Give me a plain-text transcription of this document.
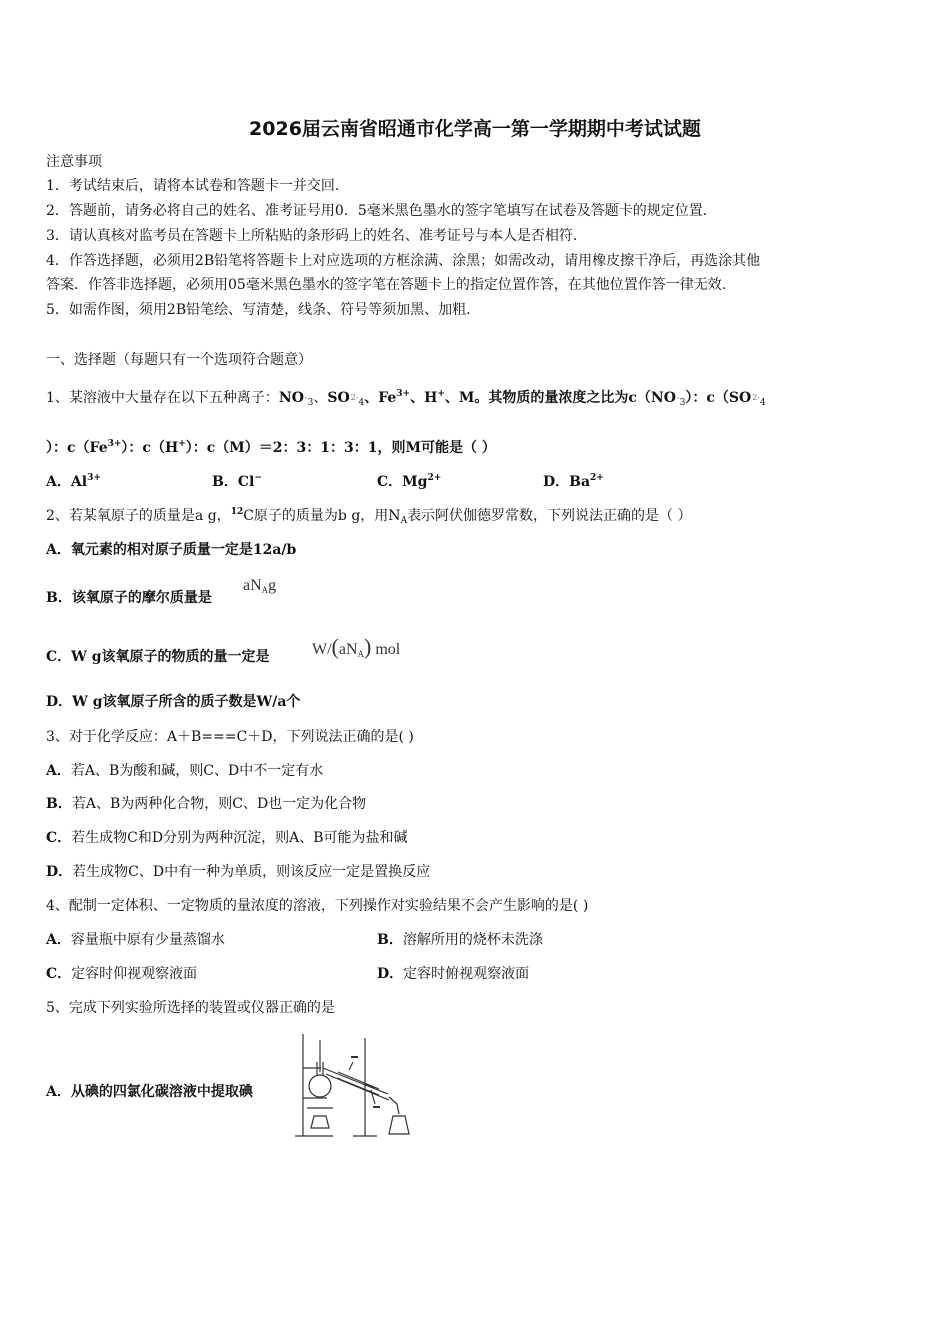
2026届云南省昭通市化学高一第一学期期中考试试题
注意事项
1．考试结束后，请将本试卷和答题卡一并交回.
2．答题前，请务必将自己的姓名、准考证号用0．5毫米黑色墨水的签字笔填写在试卷及答题卡的规定位置.
3．请认真核对监考员在答题卡上所粘贴的条形码上的姓名、准考证号与本人是否相符.
4．作答选择题，必须用2B铅笔将答题卡上对应选项的方框涂满、涂黑；如需改动，请用橡皮擦干净后，再选涂其他
答案．作答非选择题，必须用05毫米黑色墨水的签字笔在答题卡上的指定位置作答，在其他位置作答一律无效.
5．如需作图，须用2B铅笔绘、写清楚，线条、符号等须加黑、加粗.
一、选择题（每题只有一个选项符合题意）
1、某溶液中大量存在以下五种离子：$NO-_3$、$SO2-_4$、$Fe^{3+}$、H+、M。其物质的量浓度之比为$c(NO-_3)$：$c(SO2-_4$
）：$c(Fe^{3+})$：c（H+）：c（M）＝2：3：1：3：1，则M可能是（ ）
A．$Al^{3+}$	B．Cl−	C．$Mg^{2+}$	D．$Ba^{2+}$
2、若某氧原子的质量是a g，$^{12}$C原子的质量为b g，用$N_A$表示阿伏伽德罗常数，下列说法正确的是（ ）
A．氧元素的相对原子质量一定是12a/b
B．该氧原子的摩尔质量是
$aN_Ag$
C．W g该氧原子的物质的量一定是	$W/(aN_A)$ mol
D．W g该氧原子所含的质子数是W/a个
3、对于化学反应：A＋B===C＋D，下列说法正确的是( )
A．若A、B为酸和碱，则C、D中不一定有水
B．若A、B为两种化合物，则C、D也一定为化合物
C．若生成物C和D分别为两种沉淀，则A、B可能为盐和碱
D．若生成物C、D中有一种为单质，则该反应一定是置换反应
4、配制一定体积、一定物质的量浓度的溶液，下列操作对实验结果不会产生影响的是( )
A．容量瓶中原有少量蒸馏水	B．溶解所用的烧杯未洗涤
C．定容时仰视观察液面	D．定容时俯视观察液面
5、完成下列实验所选择的装置或仪器正确的是
A．从碘的四氯化碳溶液中提取碘
